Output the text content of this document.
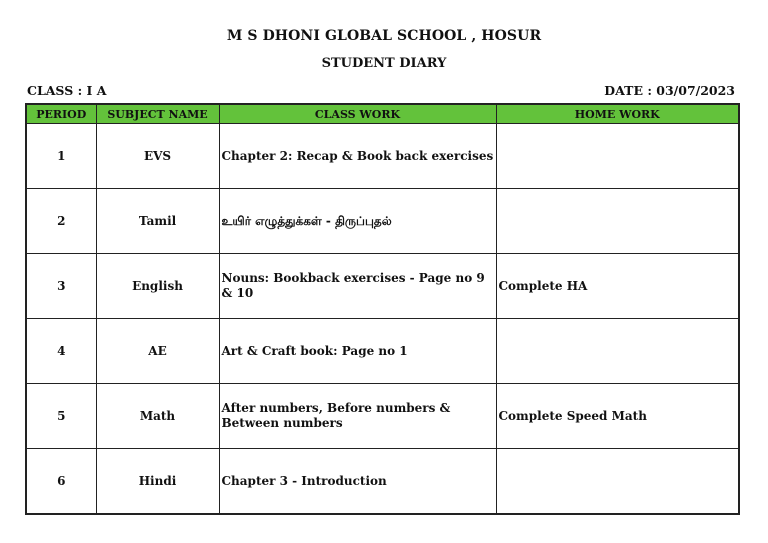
M S DHONI GLOBAL SCHOOL , HOSUR
STUDENT DIARY
CLASS : I A	DATE : 03/07/2023
PERIOD	SUBJECT NAME	CLASS WORK	HOME WORK
1	EVS	Chapter 2: Recap & Book back exercises	
2	Tamil	உயிர் எழுத்துக்கள் - திருப்புதல்	
3	English	Nouns: Bookback exercises - Page no 9 & 10	Complete HA
4	AE	Art & Craft book: Page no 1	
5	Math	After numbers, Before numbers & Between numbers	Complete Speed Math
6	Hindi	Chapter 3 - Introduction	
